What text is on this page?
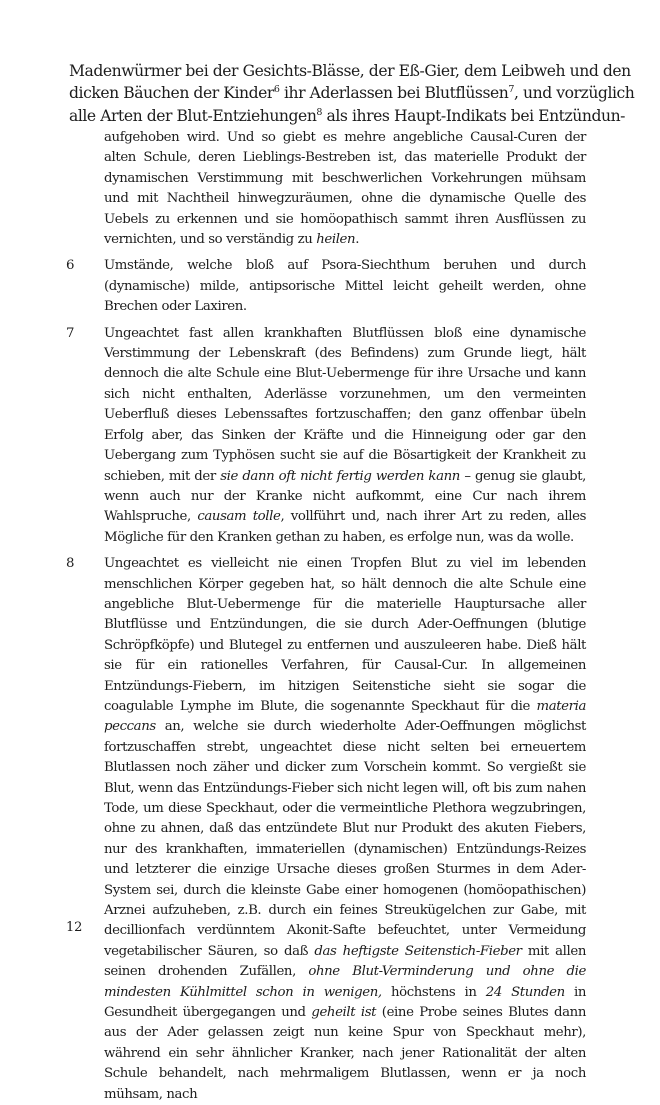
Madenwürmer bei der Gesichts-Blässe, der Eß-Gier, dem Leibweh und den
dicken Bäuchen der Kinder$^6$ ihr Aderlassen bei Blutflüssen$^7$, und vorzüglich
alle Arten der Blut-Entziehungen$^8$ als ihres Haupt-Indikats bei Entzündun-
aufgehoben wird. Und so giebt es mehre angebliche Causal-Curen der alten Schule, deren Lieblings-Bestreben ist, das materielle Produkt der dynamischen Verstimmung mit beschwerlichen Vorkehrungen mühsam und mit Nachtheil hinwegzuräumen, ohne die dynamische Quelle des Uebels zu erkennen und sie homöopathisch sammt ihren Ausflüssen zu vernichten, und so verständig zu heilen.
6 Umstände, welche bloß auf Psora-Siechthum beruhen und durch (dynamische) milde, antipsorische Mittel leicht geheilt werden, ohne Brechen oder Laxiren.
7 Ungeachtet fast allen krankhaften Blutflüssen bloß eine dynamische Verstimmung der Lebenskraft (des Befindens) zum Grunde liegt, hält dennoch die alte Schule eine Blut-Uebermenge für ihre Ursache und kann sich nicht enthalten, Aderlässe vorzunehmen, um den vermeinten Ueberfluß dieses Lebenssaftes fortzuschaffen; den ganz offenbar übeln Erfolg aber, das Sinken der Kräfte und die Hinneigung oder gar den Uebergang zum Typhösen sucht sie auf die Bösartigkeit der Krankheit zu schieben, mit der sie dann oft nicht fertig werden kann – genug sie glaubt, wenn auch nur der Kranke nicht aufkommt, eine Cur nach ihrem Wahlspruche, causam tolle, vollführt und, nach ihrer Art zu reden, alles Mögliche für den Kranken gethan zu haben, es erfolge nun, was da wolle.
8 Ungeachtet es vielleicht nie einen Tropfen Blut zu viel im lebenden menschlichen Körper gegeben hat, so hält dennoch die alte Schule eine angebliche Blut-Uebermenge für die materielle Hauptursache aller Blutflüsse und Entzündungen, die sie durch Ader-Oeffnungen (blutige Schröpfköpfe) und Blutegel zu entfernen und auszuleeren habe. Dieß hält sie für ein rationelles Verfahren, für Causal-Cur. In allgemeinen Entzündungs-Fiebern, im hitzigen Seitenstiche sieht sie sogar die coagulable Lymphe im Blute, die sogenannte Speckhaut für die materia peccans an, welche sie durch wiederholte Ader-Oeffnungen möglichst fortzuschaffen strebt, ungeachtet diese nicht selten bei erneuertem Blutlassen noch zäher und dicker zum Vorschein kommt. So vergießt sie Blut, wenn das Entzündungs-Fieber sich nicht legen will, oft bis zum nahen Tode, um diese Speckhaut, oder die vermeintliche Plethora wegzubringen, ohne zu ahnen, daß das entzündete Blut nur Produkt des akuten Fiebers, nur des krankhaften, immateriellen (dynamischen) Entzündungs-Reizes und letzterer die einzige Ursache dieses großen Sturmes in dem Ader-System sei, durch die kleinste Gabe einer homogenen (homöopathischen) Arznei aufzuheben, z.B. durch ein feines Streukügelchen zur Gabe, mit decillionfach verdünntem Akonit-Safte befeuchtet, unter Vermeidung vegetabilischer Säuren, so daß das heftigste Seitenstich-Fieber mit allen seinen drohenden Zufällen, ohne Blut-Verminderung und ohne die mindesten Kühlmittel schon in wenigen, höchstens in 24 Stunden in Gesundheit übergegangen und geheilt ist (eine Probe seines Blutes dann aus der Ader gelassen zeigt nun keine Spur von Speckhaut mehr), während ein sehr ähnlicher Kranker, nach jener Rationalität der alten Schule behandelt, nach mehrmaligem Blutlassen, wenn er ja noch mühsam, nach
12
